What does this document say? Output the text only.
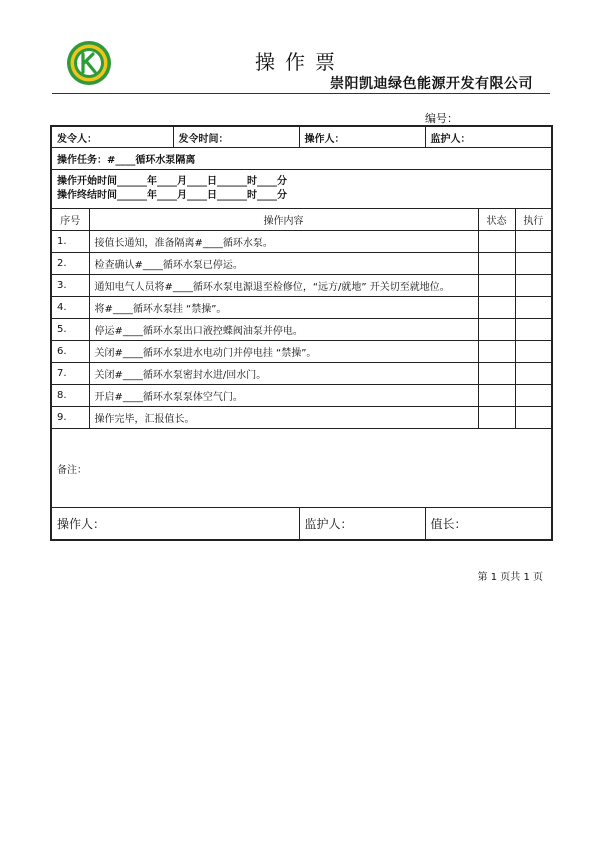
操作票
崇阳凯迪绿色能源开发有限公司
编号：
发令人：		发令时间：	操作人：	监护人：		
操作任务：#____循环水泵隔离						

操作开始时间______年____月____日______时____分
操作终结时间______年____月____日______时____分						

序号	操作内容				状态	执行
1.	接值长通知，准备隔离#____循环水泵。					
2.	检查确认#____循环水泵已停运。					
3.	通知电气人员将#____循环水泵电源退至检修位，“远方/就地” 开关切至就地位。					
4.	将#____循环水泵挂 “禁操”。					
5.	停运#____循环水泵出口液控蝶阀油泵并停电。					
6.	关闭#____循环水泵进水电动门并停电挂 “禁操”。					
7.	关闭#____循环水泵密封水进/回水门。					
8.	开启#____循环水泵泵体空气门。					
9.	操作完毕，汇报值长。					
备注：						
操作人：			监护人：	值长：		
第 1 页共 1 页
